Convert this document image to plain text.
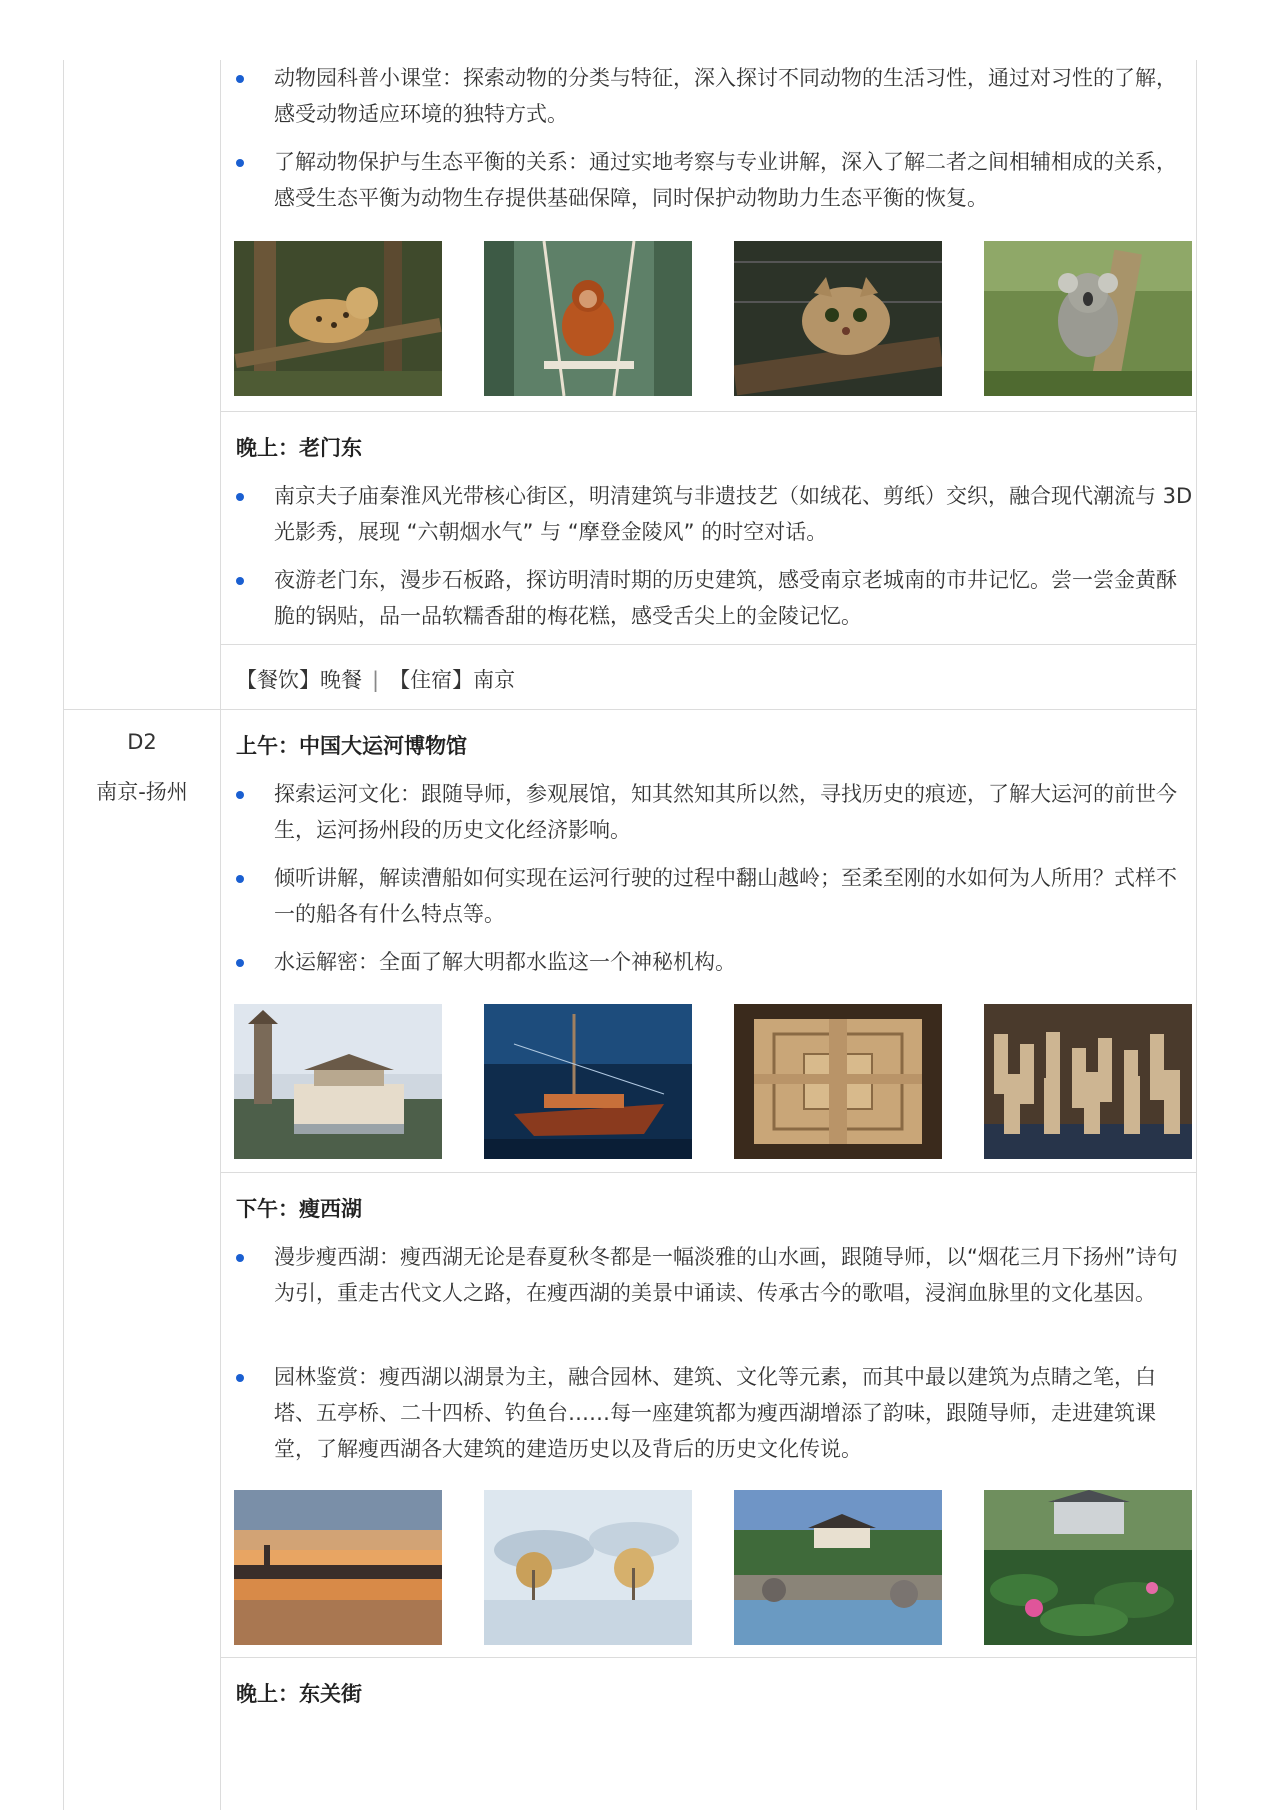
动物园科普小课堂：探索动物的分类与特征，深入探讨不同动物的生活习性，通过对习性的了解，感受动物适应环境的独特方式。
了解动物保护与生态平衡的关系：通过实地考察与专业讲解，深入了解二者之间相辅相成的关系，感受生态平衡为动物生存提供基础保障，同时保护动物助力生态平衡的恢复。
晚上：老门东
南京夫子庙秦淮风光带核心街区，明清建筑与非遗技艺（如绒花、剪纸）交织，融合现代潮流与 3D 光影秀，展现 “六朝烟水气” 与 “摩登金陵风” 的时空对话。
夜游老门东，漫步石板路，探访明清时期的历史建筑，感受南京老城南的市井记忆。尝一尝金黄酥脆的锅贴，品一品软糯香甜的梅花糕，感受舌尖上的金陵记忆。
【餐饮】晚餐 | 【住宿】南京
D2
南京-扬州
上午：中国大运河博物馆
探索运河文化：跟随导师，参观展馆，知其然知其所以然，寻找历史的痕迹，了解大运河的前世今生，运河扬州段的历史文化经济影响。
倾听讲解，解读漕船如何实现在运河行驶的过程中翻山越岭；至柔至刚的水如何为人所用？式样不一的船各有什么特点等。
水运解密：全面了解大明都水监这一个神秘机构。
下午：瘦西湖
漫步瘦西湖：瘦西湖无论是春夏秋冬都是一幅淡雅的山水画，跟随导师，以“烟花三月下扬州”诗句为引，重走古代文人之路，在瘦西湖的美景中诵读、传承古今的歌唱，浸润血脉里的文化基因。
园林鉴赏：瘦西湖以湖景为主，融合园林、建筑、文化等元素，而其中最以建筑为点睛之笔，白塔、五亭桥、二十四桥、钓鱼台……每一座建筑都为瘦西湖增添了韵味，跟随导师，走进建筑课堂，了解瘦西湖各大建筑的建造历史以及背后的历史文化传说。
晚上：东关街
